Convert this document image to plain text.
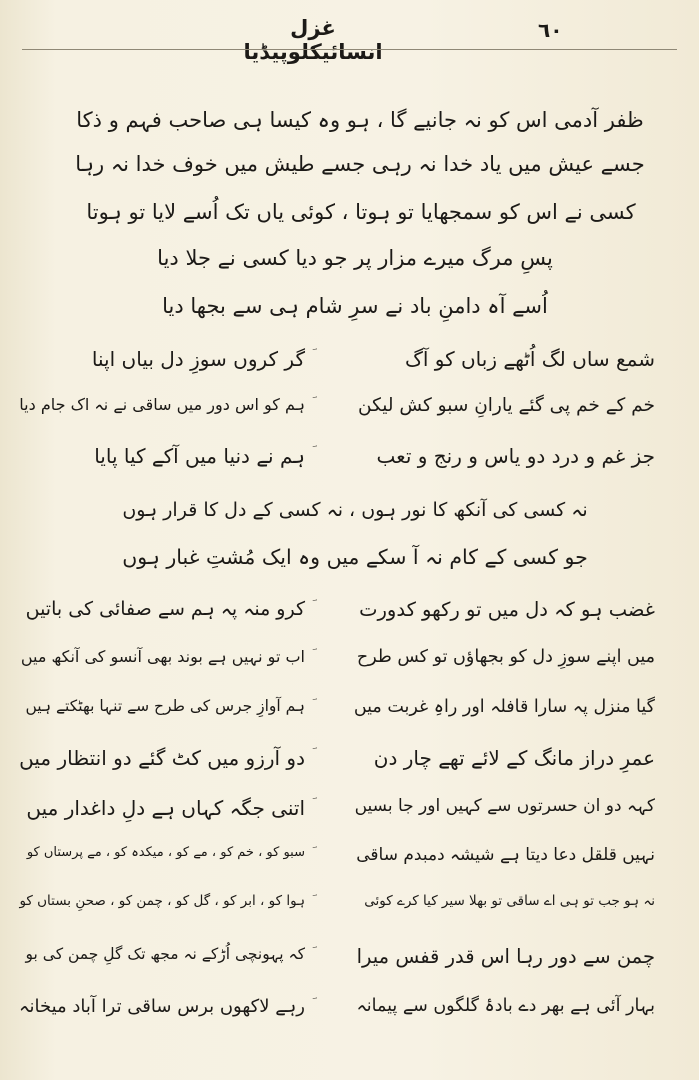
غزل انسائیکلوپیڈیا
٦٠
ظفر آدمی اس کو نہ جانیے گا ، ہو وہ کیسا ہی صاحب فہم و ذکا
جسے عیش میں یاد خدا نہ رہی جسے طیش میں خوف خدا نہ رہا
کسی نے اس کو سمجھایا تو ہوتا ، کوئی یاں تک اُسے لایا تو ہوتا
پسِ مرگ میرے مزار پر جو دیا کسی نے جلا دیا
اُسے آہ دامنِ باد نے سرِ شام ہی سے بجھا دیا
شمع ساں لگ اُٹھے زباں کو آگ
گر کروں سوزِ دل بیاں اپنا
خم کے خم پی گئے یارانِ سبو کش لیکن
ہم کو اس دور میں ساقی نے نہ اک جام دیا
جز غم و درد دو یاس و رنج و تعب
ہم نے دنیا میں آکے کیا پایا
نہ کسی کی آنکھ کا نور ہوں ، نہ کسی کے دل کا قرار ہوں
جو کسی کے کام نہ آ سکے میں وہ ایک مُشتِ غبار ہوں
غضب ہو کہ دل میں تو رکھو کدورت
کرو منہ پہ ہم سے صفائی کی باتیں
میں اپنے سوزِ دل کو بجھاؤں تو کس طرح
اب تو نہیں ہے بوند بھی آنسو کی آنکھ میں
گیا منزل پہ سارا قافلہ اور راہِ غربت میں
ہم آوازِ جرس کی طرح سے تنہا بھٹکتے ہیں
عمرِ دراز مانگ کے لائے تھے چار دن
دو آرزو میں کٹ گئے دو انتظار میں
کہہ دو ان حسرتوں سے کہیں اور جا بسیں
اتنی جگہ کہاں ہے دلِ داغدار میں
نہیں قلقل دعا دیتا ہے شیشہ دمبدم ساقی
سبو کو ، خم کو ، مے کو ، میکدہ کو ، مے پرستاں کو
نہ ہو جب تو ہی اے ساقی تو بھلا سیر کیا کرے کوئی
ہوا کو ، ابر کو ، گل کو ، چمن کو ، صحنِ بستاں کو
چمن سے دور رہا اس قدر قفس میرا
کہ پہونچی اُڑکے نہ مجھ تک گلِ چمن کی بو
بہار آئی ہے بھر دے بادۂ گلگوں سے پیمانہ
رہے لاکھوں برس ساقی ترا آباد میخانہ
